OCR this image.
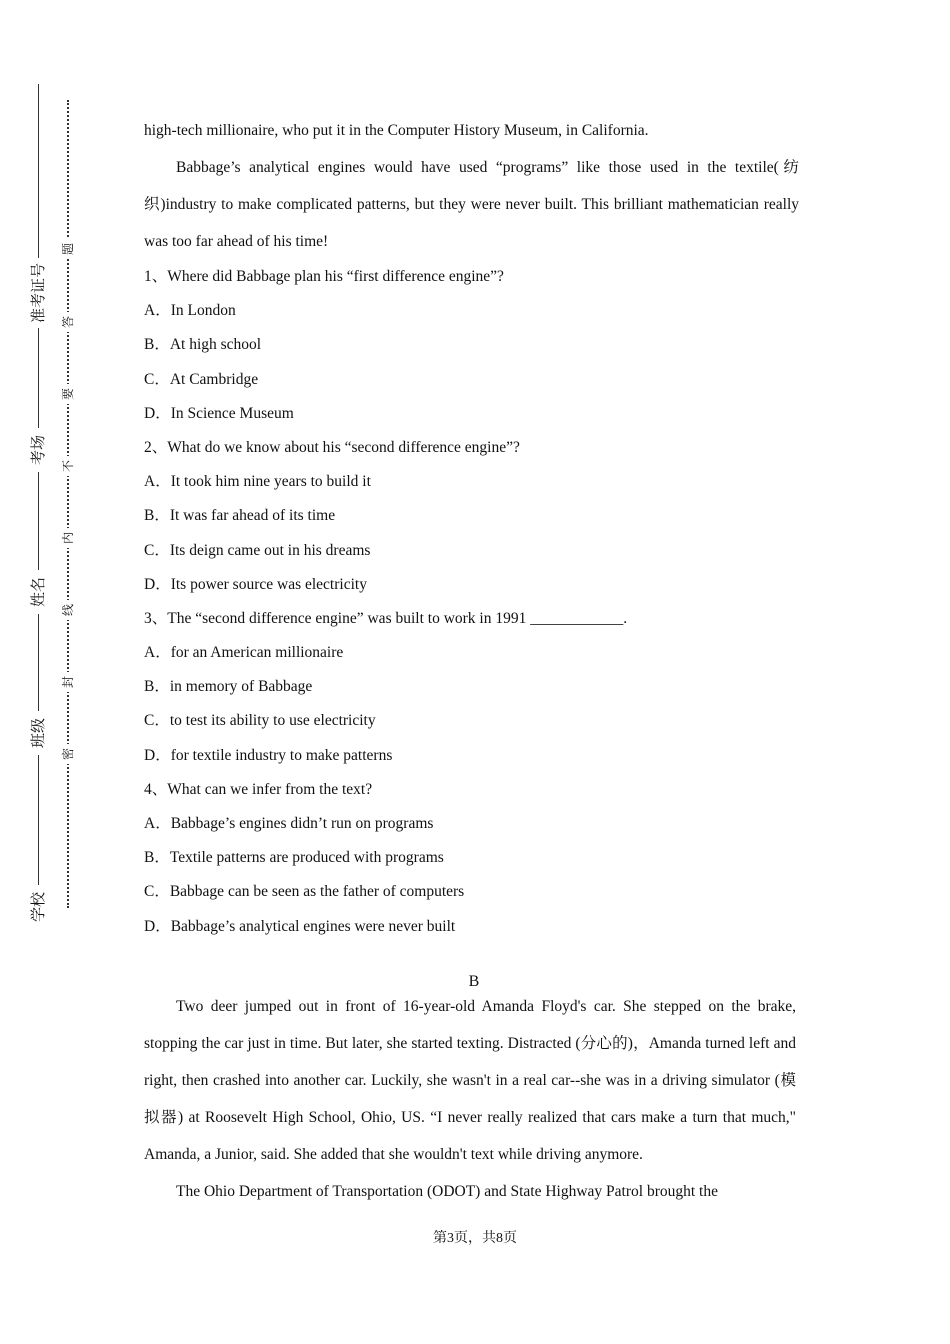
准考证号
考场
姓名
班级
学校
题
答
要
不
内
线
封
密

high-tech millionaire, who put it in the Computer History Museum, in California.

Babbage’s analytical engines would have used “programs” like those used in the textile(纺织)industry to make complicated patterns, but they were never built. This brilliant mathematician really was too far ahead of his time!

1、Where did Babbage plan his “first difference engine”?

A．In London

B．At high school

C．At Cambridge

D．In Science Museum

2、What do we know about his “second difference engine”?

A．It took him nine years to build it

B．It was far ahead of its time

C．Its deign came out in his dreams

D．Its power source was electricity

3、The “second difference engine” was built to work in 1991 ____________.

A．for an American millionaire

B．in memory of Babbage

C．to test its ability to use electricity

D．for textile industry to make patterns

4、What can we infer from the text?

A．Babbage’s engines didn’t run on programs

B．Textile patterns are produced with programs

C．Babbage can be seen as the father of computers

D．Babbage’s analytical engines were never built

B

Two deer jumped out in front of 16-year-old Amanda Floyd's car. She stepped on the brake, stopping the car just in time. But later, she started texting. Distracted (分心的)，Amanda turned left and right, then crashed into another car. Luckily, she wasn't in a real car--she was in a driving simulator (模拟器) at Roosevelt High School, Ohio, US. “I never really realized that cars make a turn that much," Amanda, a Junior, said. She added that she wouldn't text while driving anymore.

The Ohio Department of Transportation (ODOT) and State Highway Patrol brought the

第3页，共8页
